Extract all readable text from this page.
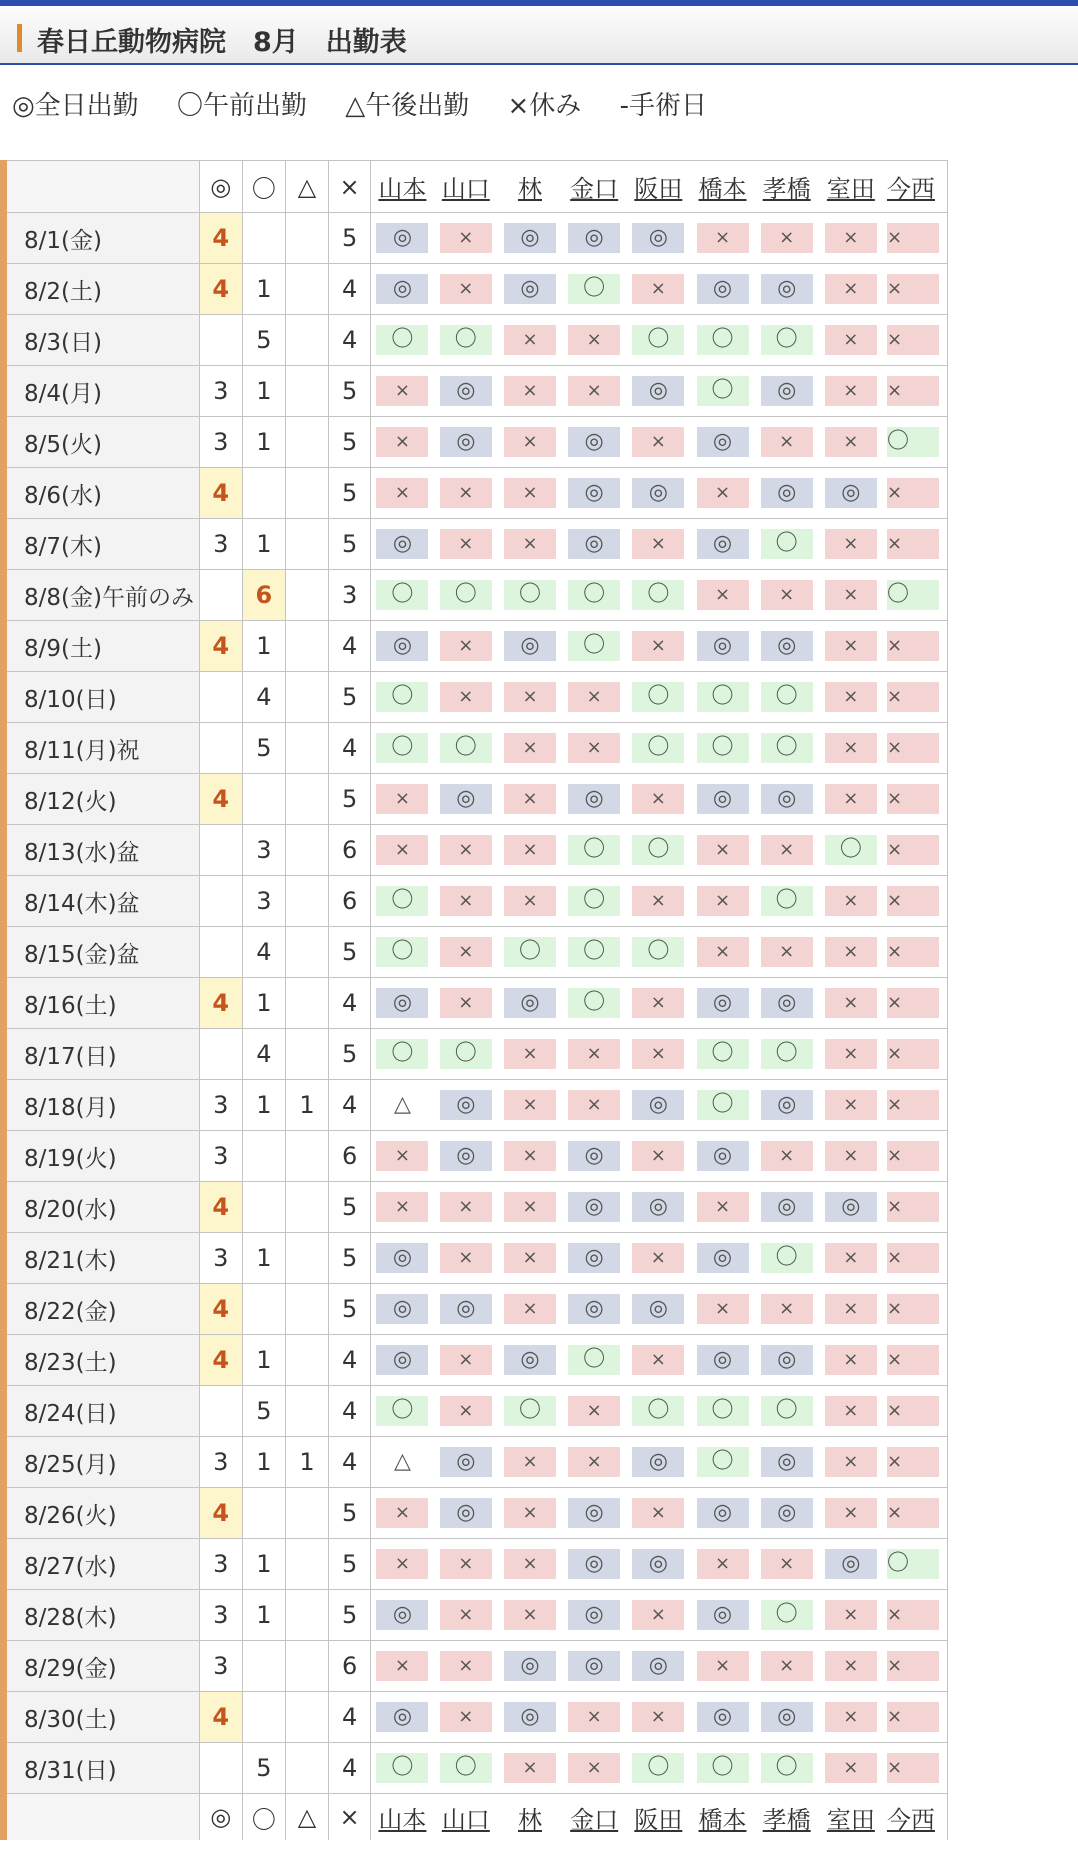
春日丘動物病院　 8月　 出勤表
◎全日出勤 〇午前出勤 △午後出勤 ×休み -手術日
	◎	〇	△	×	山本	山口	林	金口	阪田	橋本	孝橋	室田	今西
8/1(金)	4			5	◎	×	◎	◎	◎	×	×	×	×
8/2(土)	4	1		4	◎	×	◎	〇	×	◎	◎	×	×
8/3(日)		5		4	〇	〇	×	×	〇	〇	〇	×	×
8/4(月)	3	1		5	×	◎	×	×	◎	〇	◎	×	×
8/5(火)	3	1		5	×	◎	×	◎	×	◎	×	×	〇
8/6(水)	4			5	×	×	×	◎	◎	×	◎	◎	×
8/7(木)	3	1		5	◎	×	×	◎	×	◎	〇	×	×
8/8(金)午前のみ		6		3	〇	〇	〇	〇	〇	×	×	×	〇
8/9(土)	4	1		4	◎	×	◎	〇	×	◎	◎	×	×
8/10(日)		4		5	〇	×	×	×	〇	〇	〇	×	×
8/11(月)祝		5		4	〇	〇	×	×	〇	〇	〇	×	×
8/12(火)	4			5	×	◎	×	◎	×	◎	◎	×	×
8/13(水)盆		3		6	×	×	×	〇	〇	×	×	〇	×
8/14(木)盆		3		6	〇	×	×	〇	×	×	〇	×	×
8/15(金)盆		4		5	〇	×	〇	〇	〇	×	×	×	×
8/16(土)	4	1		4	◎	×	◎	〇	×	◎	◎	×	×
8/17(日)		4		5	〇	〇	×	×	×	〇	〇	×	×
8/18(月)	3	1	1	4	△	◎	×	×	◎	〇	◎	×	×
8/19(火)	3			6	×	◎	×	◎	×	◎	×	×	×
8/20(水)	4			5	×	×	×	◎	◎	×	◎	◎	×
8/21(木)	3	1		5	◎	×	×	◎	×	◎	〇	×	×
8/22(金)	4			5	◎	◎	×	◎	◎	×	×	×	×
8/23(土)	4	1		4	◎	×	◎	〇	×	◎	◎	×	×
8/24(日)		5		4	〇	×	〇	×	〇	〇	〇	×	×
8/25(月)	3	1	1	4	△	◎	×	×	◎	〇	◎	×	×
8/26(火)	4			5	×	◎	×	◎	×	◎	◎	×	×
8/27(水)	3	1		5	×	×	×	◎	◎	×	×	◎	〇
8/28(木)	3	1		5	◎	×	×	◎	×	◎	〇	×	×
8/29(金)	3			6	×	×	◎	◎	◎	×	×	×	×
8/30(土)	4			4	◎	×	◎	×	×	◎	◎	×	×
8/31(日)		5		4	〇	〇	×	×	〇	〇	〇	×	×
	◎	〇	△	×	山本	山口	林	金口	阪田	橋本	孝橋	室田	今西
